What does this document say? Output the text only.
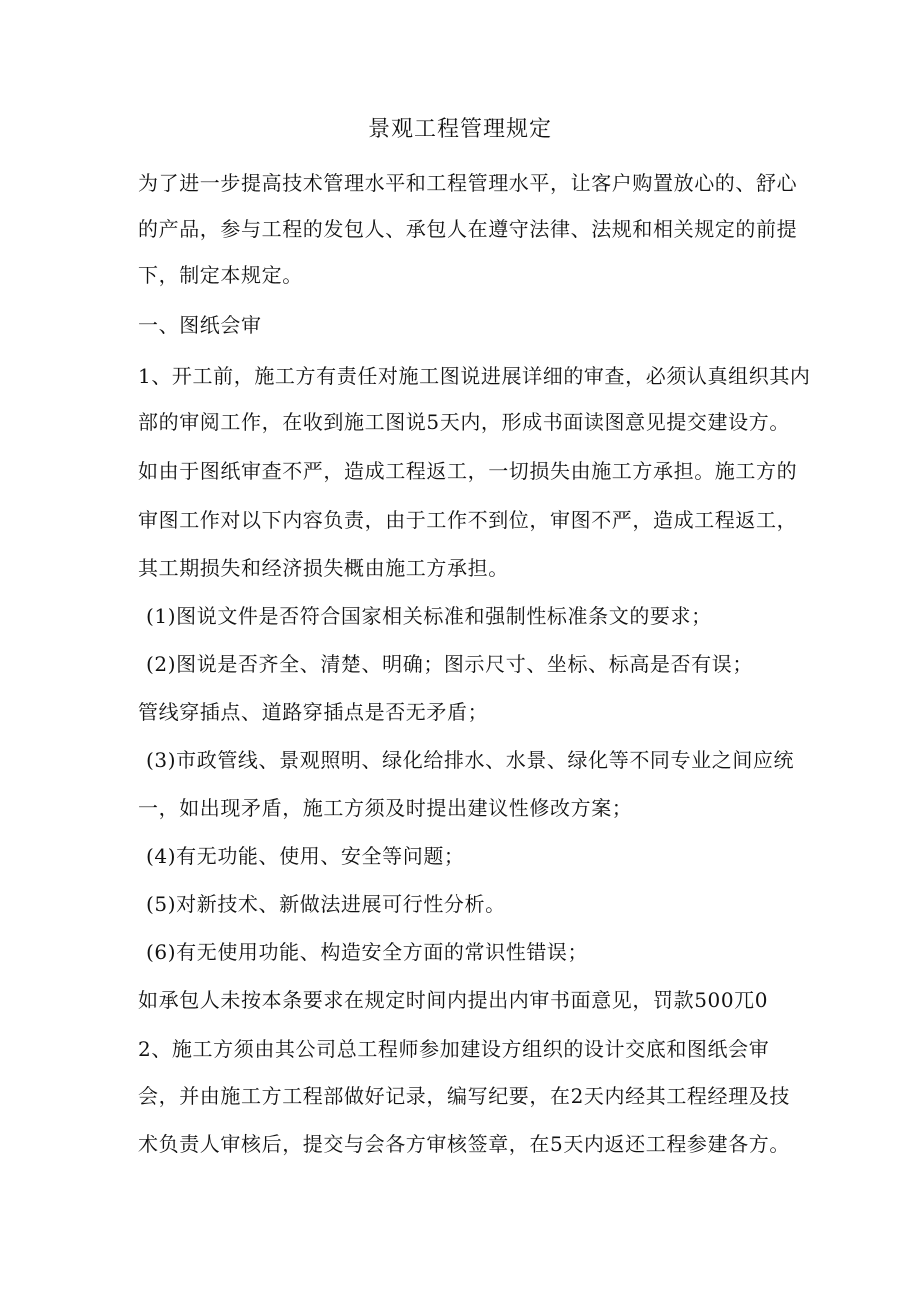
景观工程管理规定
为了进一步提高技术管理水平和工程管理水平，让客户购置放心的、舒心
的产品，参与工程的发包人、承包人在遵守法律、法规和相关规定的前提
下，制定本规定。
一、图纸会审
1、开工前，施工方有责任对施工图说进展详细的审查，必须认真组织其内
部的审阅工作，在收到施工图说5天内，形成书面读图意见提交建设方。
如由于图纸审查不严，造成工程返工，一切损失由施工方承担。施工方的
审图工作对以下内容负责，由于工作不到位，审图不严，造成工程返工，
其工期损失和经济损失概由施工方承担。
(1)图说文件是否符合国家相关标准和强制性标准条文的要求；
(2)图说是否齐全、清楚、明确；图示尺寸、坐标、标高是否有误；
管线穿插点、道路穿插点是否无矛盾；
(3)市政管线、景观照明、绿化给排水、水景、绿化等不同专业之间应统
一，如出现矛盾，施工方须及时提出建议性修改方案；
(4)有无功能、使用、安全等问题；
(5)对新技术、新做法进展可行性分析。
(6)有无使用功能、构造安全方面的常识性错误；
如承包人未按本条要求在规定时间内提出内审书面意见，罚款500兀0
2、施工方须由其公司总工程师参加建设方组织的设计交底和图纸会审
会，并由施工方工程部做好记录，编写纪要，在2天内经其工程经理及技
术负责人审核后，提交与会各方审核签章，在5天内返还工程参建各方。
